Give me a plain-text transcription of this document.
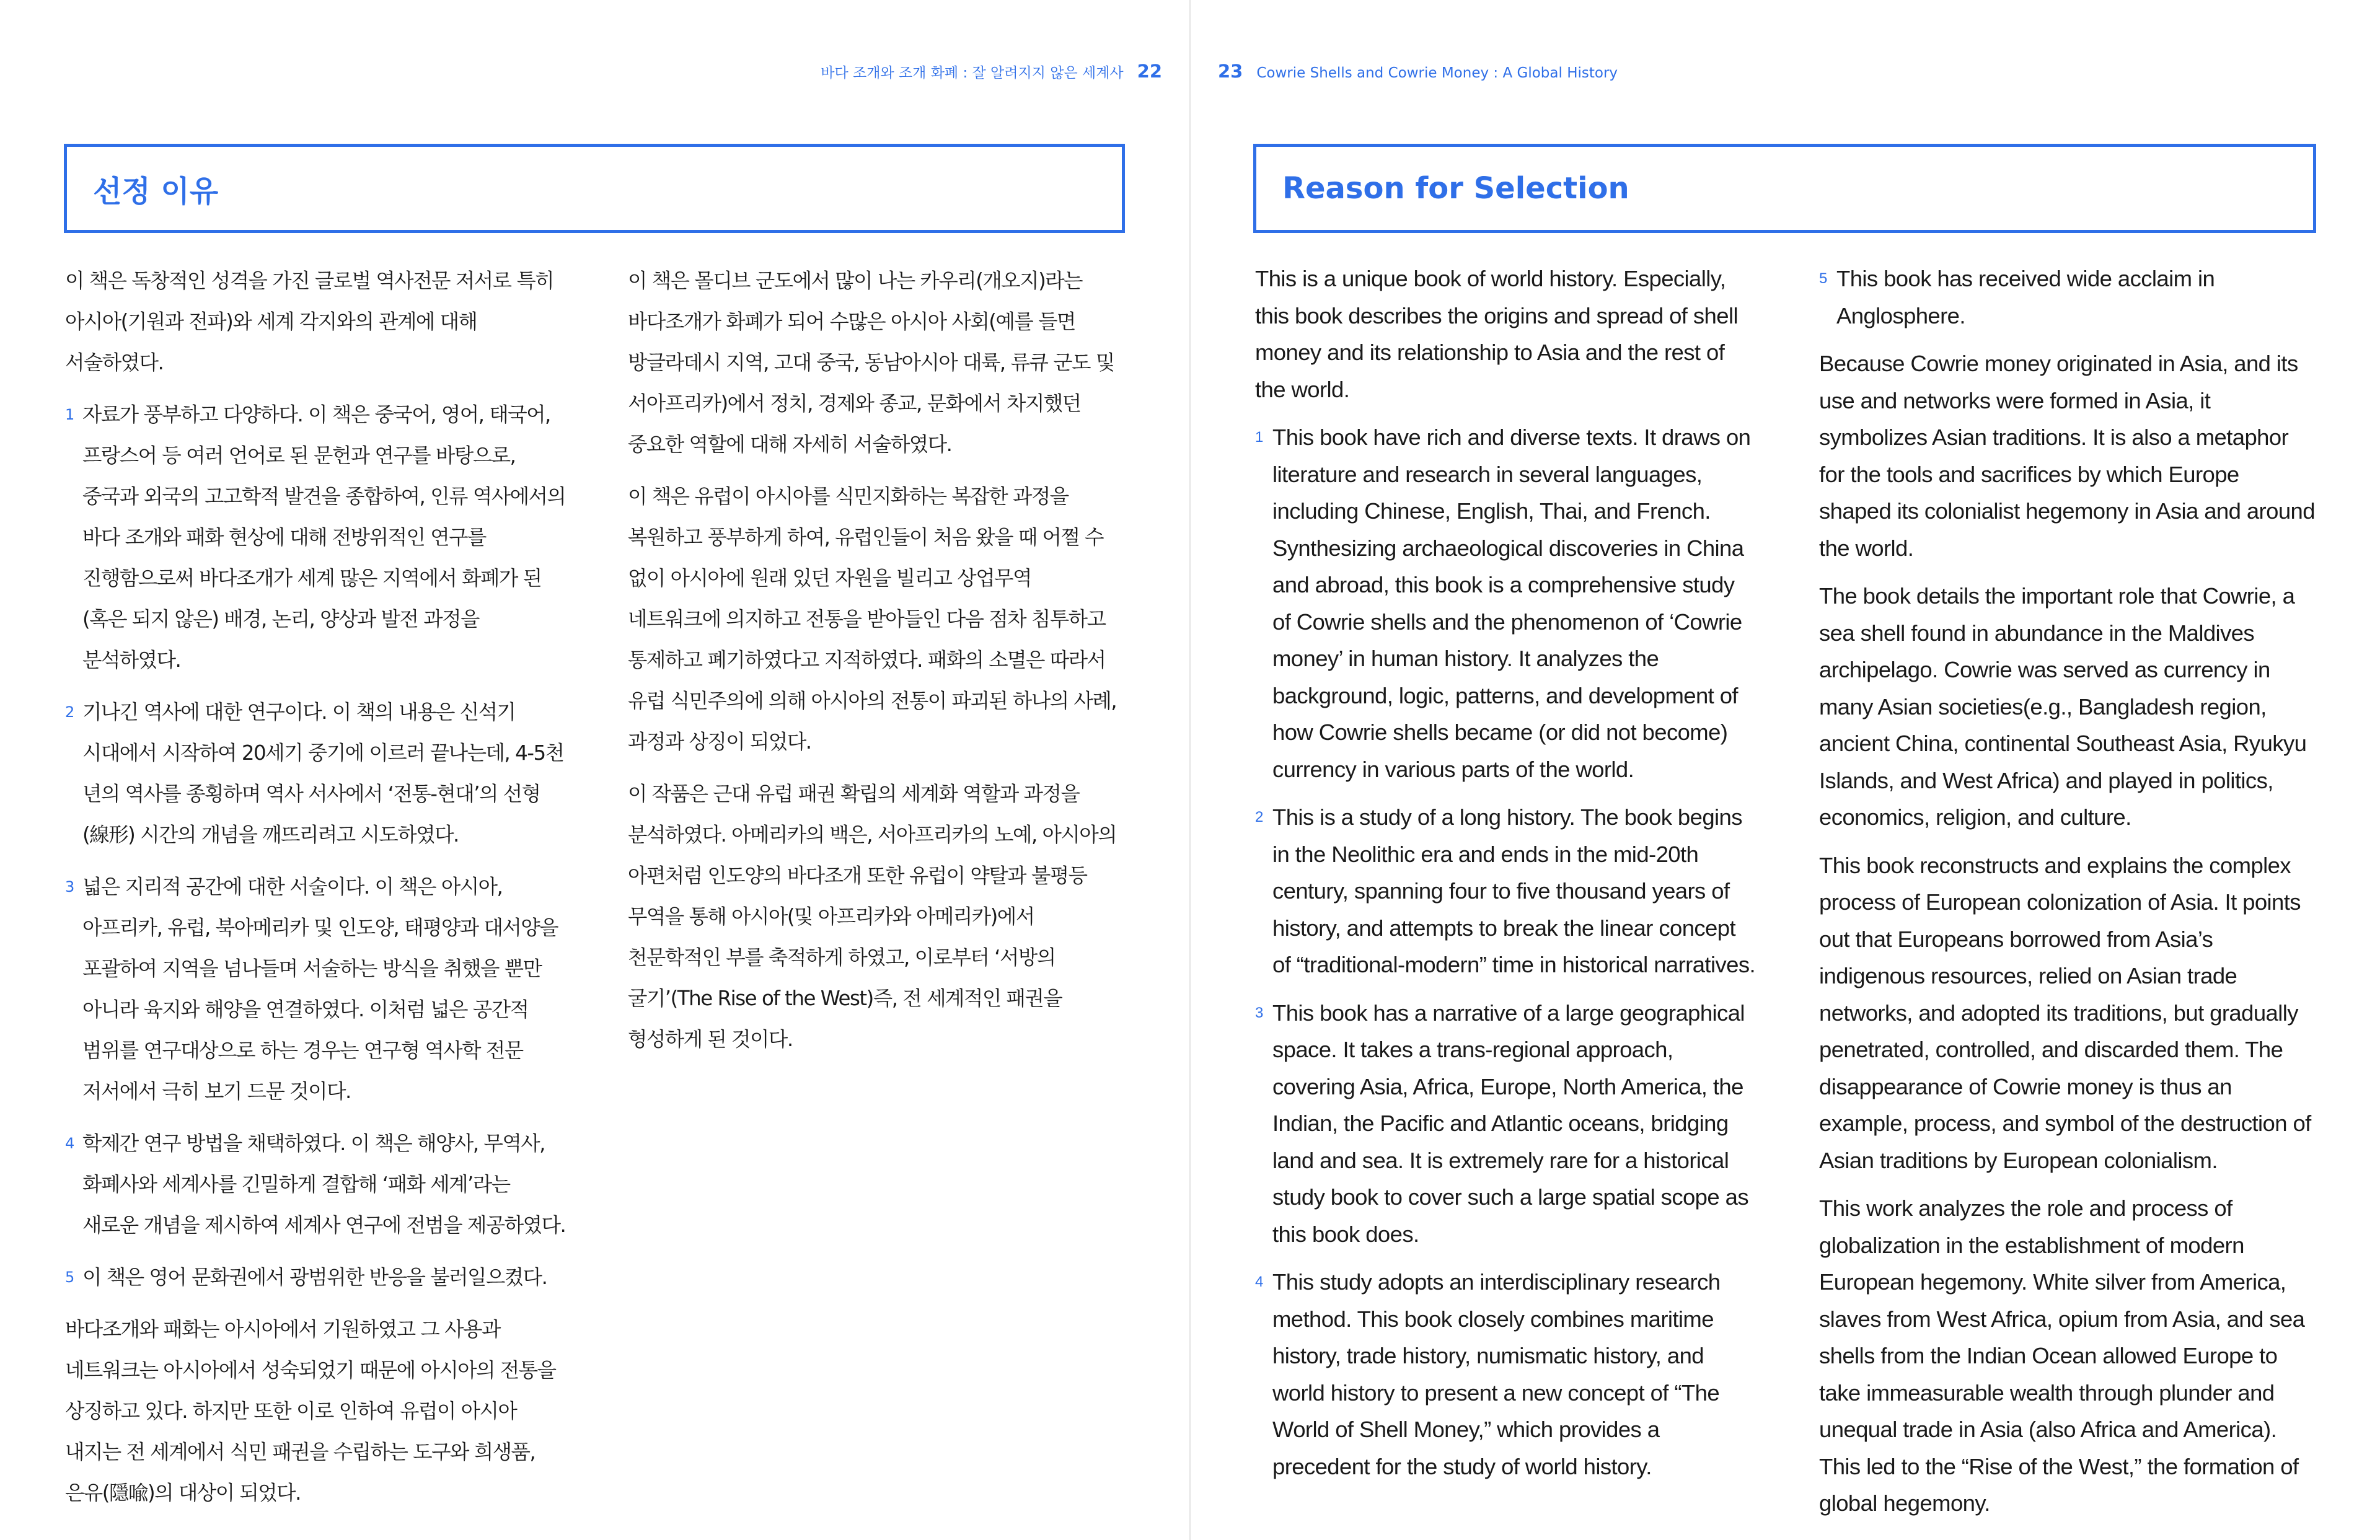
바다 조개와 조개 화폐 : 잘 알려지지 않은 세계사 22	23 Cowrie Shells and Cowrie Money : A Global History
선정 이유	Reason for Selection

이 책은 독창적인 성격을 가진 글로벌 역사전문 저서로 특히 아시아(기원과 전파)와 세계 각지와의 관계에 대해 서술하였다.

1 자료가 풍부하고 다양하다. 이 책은 중국어, 영어, 태국어, 프랑스어 등 여러 언어로 된 문헌과 연구를 바탕으로, 중국과 외국의 고고학적 발견을 종합하여, 인류 역사에서의 바다 조개와 패화 현상에 대해 전방위적인 연구를 진행함으로써 바다조개가 세계 많은 지역에서 화폐가 된(혹은 되지 않은) 배경, 논리, 양상과 발전 과정을 분석하였다.
2 기나긴 역사에 대한 연구이다. 이 책의 내용은 신석기 시대에서 시작하여 20세기 중기에 이르러 끝나는데, 4-5천 년의 역사를 종횡하며 역사 서사에서 ‘전통-현대’의 선형(線形) 시간의 개념을 깨뜨리려고 시도하였다.
3 넓은 지리적 공간에 대한 서술이다. 이 책은 아시아, 아프리카, 유럽, 북아메리카 및 인도양, 태평양과 대서양을 포괄하여 지역을 넘나들며 서술하는 방식을 취했을 뿐만 아니라 육지와 해양을 연결하였다. 이처럼 넓은 공간적 범위를 연구대상으로 하는 경우는 연구형 역사학 전문 저서에서 극히 보기 드문 것이다.
4 학제간 연구 방법을 채택하였다. 이 책은 해양사, 무역사, 화폐사와 세계사를 긴밀하게 결합해 ‘패화 세계’라는 새로운 개념을 제시하여 세계사 연구에 전범을 제공하였다.
5 이 책은 영어 문화권에서 광범위한 반응을 불러일으켰다.

바다조개와 패화는 아시아에서 기원하였고 그 사용과 네트워크는 아시아에서 성숙되었기 때문에 아시아의 전통을 상징하고 있다. 하지만 또한 이로 인하여 유럽이 아시아 내지는 전 세계에서 식민 패권을 수립하는 도구와 희생품, 은유(隱喩)의 대상이 되었다.

이 책은 몰디브 군도에서 많이 나는 카우리(개오지)라는 바다조개가 화폐가 되어 수많은 아시아 사회(예를 들면 방글라데시 지역, 고대 중국, 동남아시아 대륙, 류큐 군도 및 서아프리카)에서 정치, 경제와 종교, 문화에서 차지했던 중요한 역할에 대해 자세히 서술하였다.

이 책은 유럽이 아시아를 식민지화하는 복잡한 과정을 복원하고 풍부하게 하여, 유럽인들이 처음 왔을 때 어쩔 수 없이 아시아에 원래 있던 자원을 빌리고 상업무역 네트워크에 의지하고 전통을 받아들인 다음 점차 침투하고 통제하고 폐기하였다고 지적하였다. 패화의 소멸은 따라서 유럽 식민주의에 의해 아시아의 전통이 파괴된 하나의 사례, 과정과 상징이 되었다.

이 작품은 근대 유럽 패권 확립의 세계화 역할과 과정을 분석하였다. 아메리카의 백은, 서아프리카의 노예, 아시아의 아편처럼 인도양의 바다조개 또한 유럽이 약탈과 불평등 무역을 통해 아시아(및 아프리카와 아메리카)에서 천문학적인 부를 축적하게 하였고, 이로부터 ‘서방의 굴기’(The Rise of the West)즉, 전 세계적인 패권을 형성하게 된 것이다.

This is a unique book of world history. Especially, this book describes the origins and spread of shell money and its relationship to Asia and the rest of the world.

1 This book have rich and diverse texts. It draws on literature and research in several languages, including Chinese, English, Thai, and French. Synthesizing archaeological discoveries in China and abroad, this book is a comprehensive study of Cowrie shells and the phenomenon of ‘Cowrie money’ in human history. It analyzes the background, logic, patterns, and development of how Cowrie shells became (or did not become) currency in various parts of the world.
2 This is a study of a long history. The book begins in the Neolithic era and ends in the mid-20th century, spanning four to five thousand years of history, and attempts to break the linear concept of “traditional-modern” time in historical narratives.
3 This book has a narrative of a large geographical space. It takes a trans-regional approach, covering Asia, Africa, Europe, North America, the Indian, the Pacific and Atlantic oceans, bridging land and sea. It is extremely rare for a historical study book to cover such a large spatial scope as this book does.
4 This study adopts an interdisciplinary research method. This book closely combines maritime history, trade history, numismatic history, and world history to present a new concept of “The World of Shell Money,” which provides a precedent for the study of world history.
5 This book has received wide acclaim in Anglosphere.

Because Cowrie money originated in Asia, and its use and networks were formed in Asia, it symbolizes Asian traditions. It is also a metaphor for the tools and sacrifices by which Europe shaped its colonialist hegemony in Asia and around the world.

The book details the important role that Cowrie, a sea shell found in abundance in the Maldives archipelago. Cowrie was served as currency in many Asian societies(e.g., Bangladesh region, ancient China, continental Southeast Asia, Ryukyu Islands, and West Africa) and played in politics, economics, religion, and culture.

This book reconstructs and explains the complex process of European colonization of Asia. It points out that Europeans borrowed from Asia’s indigenous resources, relied on Asian trade networks, and adopted its traditions, but gradually penetrated, controlled, and discarded them. The disappearance of Cowrie money is thus an example, process, and symbol of the destruction of Asian traditions by European colonialism.

This work analyzes the role and process of globalization in the establishment of modern European hegemony. White silver from America, slaves from West Africa, opium from Asia, and sea shells from the Indian Ocean allowed Europe to take immeasurable wealth through plunder and unequal trade in Asia (also Africa and America). This led to the “Rise of the West,” the formation of global hegemony.
